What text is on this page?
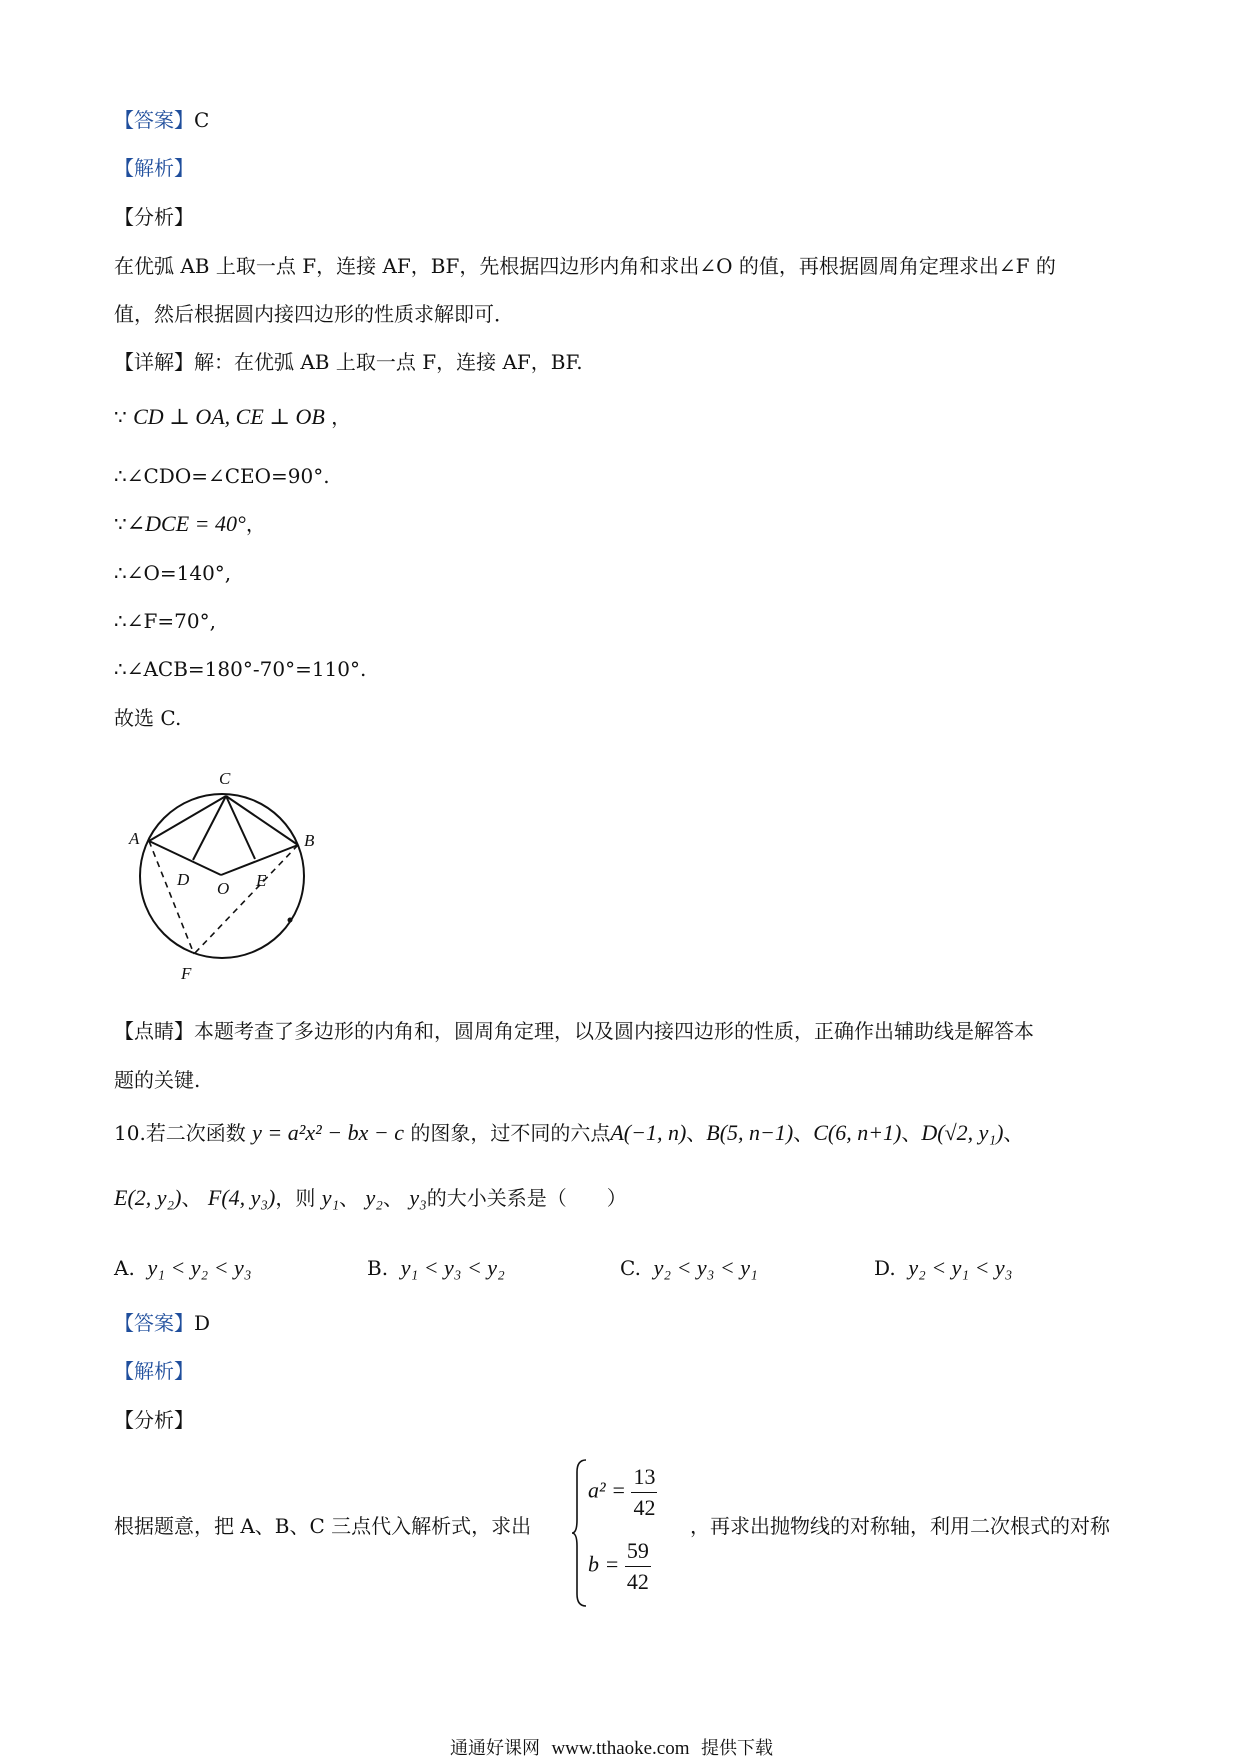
【答案】C
【解析】
【分析】
在优弧 AB 上取一点 F，连接 AF，BF，先根据四边形内角和求出∠O 的值，再根据圆周角定理求出∠F 的
值，然后根据圆内接四边形的性质求解即可．
【详解】解：在优弧 AB 上取一点 F，连接 AF，BF.
∵ CD ⊥ OA, CE ⊥ OB ，
∴∠CDO=∠CEO=90°.
∵∠DCE = 40°，
∴∠O=140°,
∴∠F=70°,
∴∠ACB=180°-70°=110°.
故选 C.
C
A	B
D O E
F
【点睛】本题考查了多边形的内角和，圆周角定理，以及圆内接四边形的性质，正确作出辅助线是解答本
题的关键.
10.若二次函数 y = a²x² − bx − c 的图象，过不同的六点A(−1, n)、B(5, n−1)、C(6, n+1)、D(√2, y₁)、
E(2, y₂)、 F(4, y₃)，则 y₁、 y₂、 y₃的大小关系是（　　）
A. y₁ < y₂ < y₃	B. y₁ < y₃ < y₂	C. y₂ < y₃ < y₁	D. y₂ < y₁ < y₃
【答案】D
【解析】
【分析】
根据题意，把 A、B、C 三点代入解析式，求出
$a^2 = \frac{13}{42}$
$b = \frac{59}{42}$
，再求出抛物线的对称轴，利用二次根式的对称
通通好课网 www.tthaoke.com 提供下载
